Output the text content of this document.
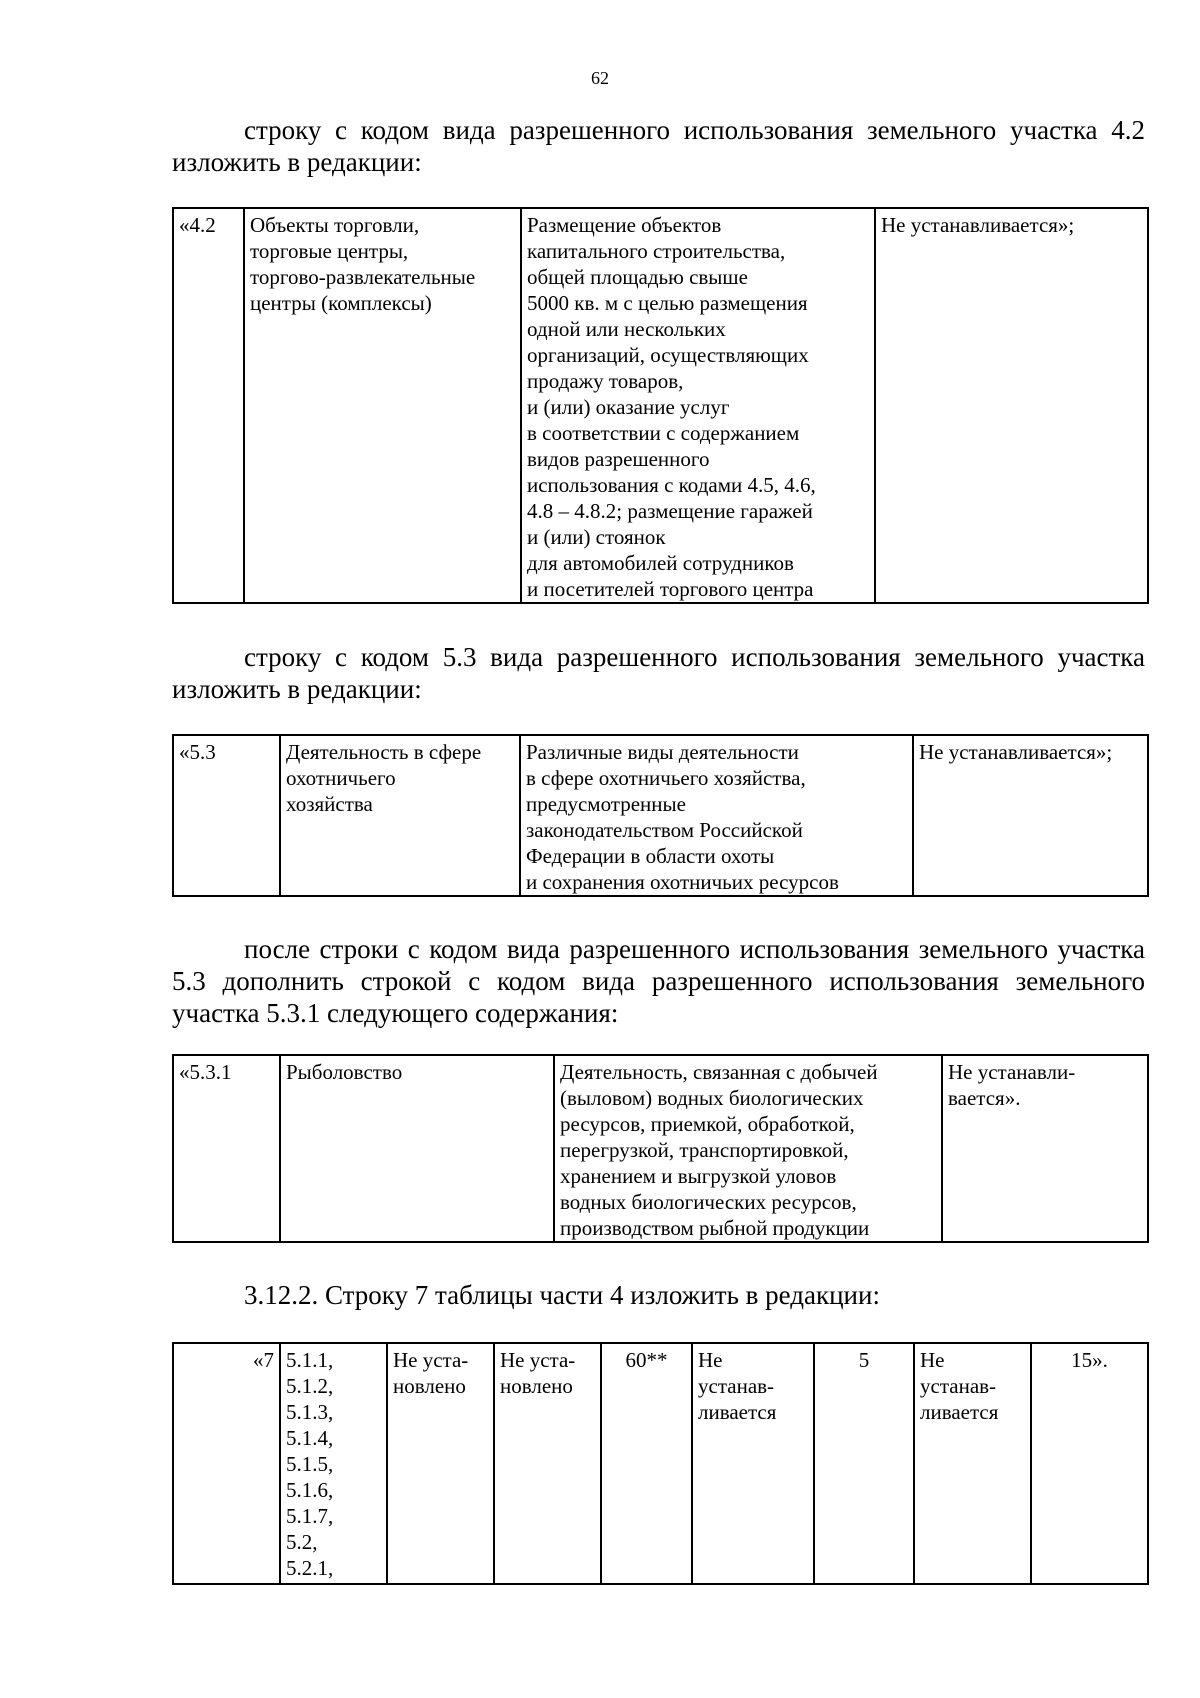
62

строку с кодом вида разрешенного использования земельного участка 4.2 изложить в редакции:

«4.2	Объекты торговли,
торговые центры,
торгово-развлекательные
центры (комплексы)	Размещение объектов
капитального строительства,
общей площадью свыше
5000 кв. м с целью размещения
одной или нескольких
организаций, осуществляющих
продажу товаров,
и (или) оказание услуг
в соответствии с содержанием
видов разрешенного
использования с кодами 4.5, 4.6,
4.8 – 4.8.2; размещение гаражей
и (или) стоянок
для автомобилей сотрудников
и посетителей торгового центра	Не устанавливается»;

строку с кодом 5.3 вида разрешенного использования земельного участка изложить в редакции:

«5.3	Деятельность в сфере
охотничьего
хозяйства	Различные виды деятельности
в сфере охотничьего хозяйства,
предусмотренные
законодательством Российской
Федерации в области охоты
и сохранения охотничьих ресурсов	Не устанавливается»;

после строки с кодом вида разрешенного использования земельного участка 5.3 дополнить строкой с кодом вида разрешенного использования земельного участка 5.3.1 следующего содержания:

«5.3.1	Рыболовство	Деятельность, связанная с добычей
(выловом) водных биологических
ресурсов, приемкой, обработкой,
перегрузкой, транспортировкой,
хранением и выгрузкой уловов
водных биологических ресурсов,
производством рыбной продукции	Не устанавли-
вается».

3.12.2. Строку 7 таблицы части 4 изложить в редакции:

«7	5.1.1,
5.1.2,
5.1.3,
5.1.4,
5.1.5,
5.1.6,
5.1.7,
5.2,
5.2.1,	Не уста-
новлено	Не уста-
новлено	60**	Не
устанав-
ливается	5	Не
устанав-
ливается	15».
